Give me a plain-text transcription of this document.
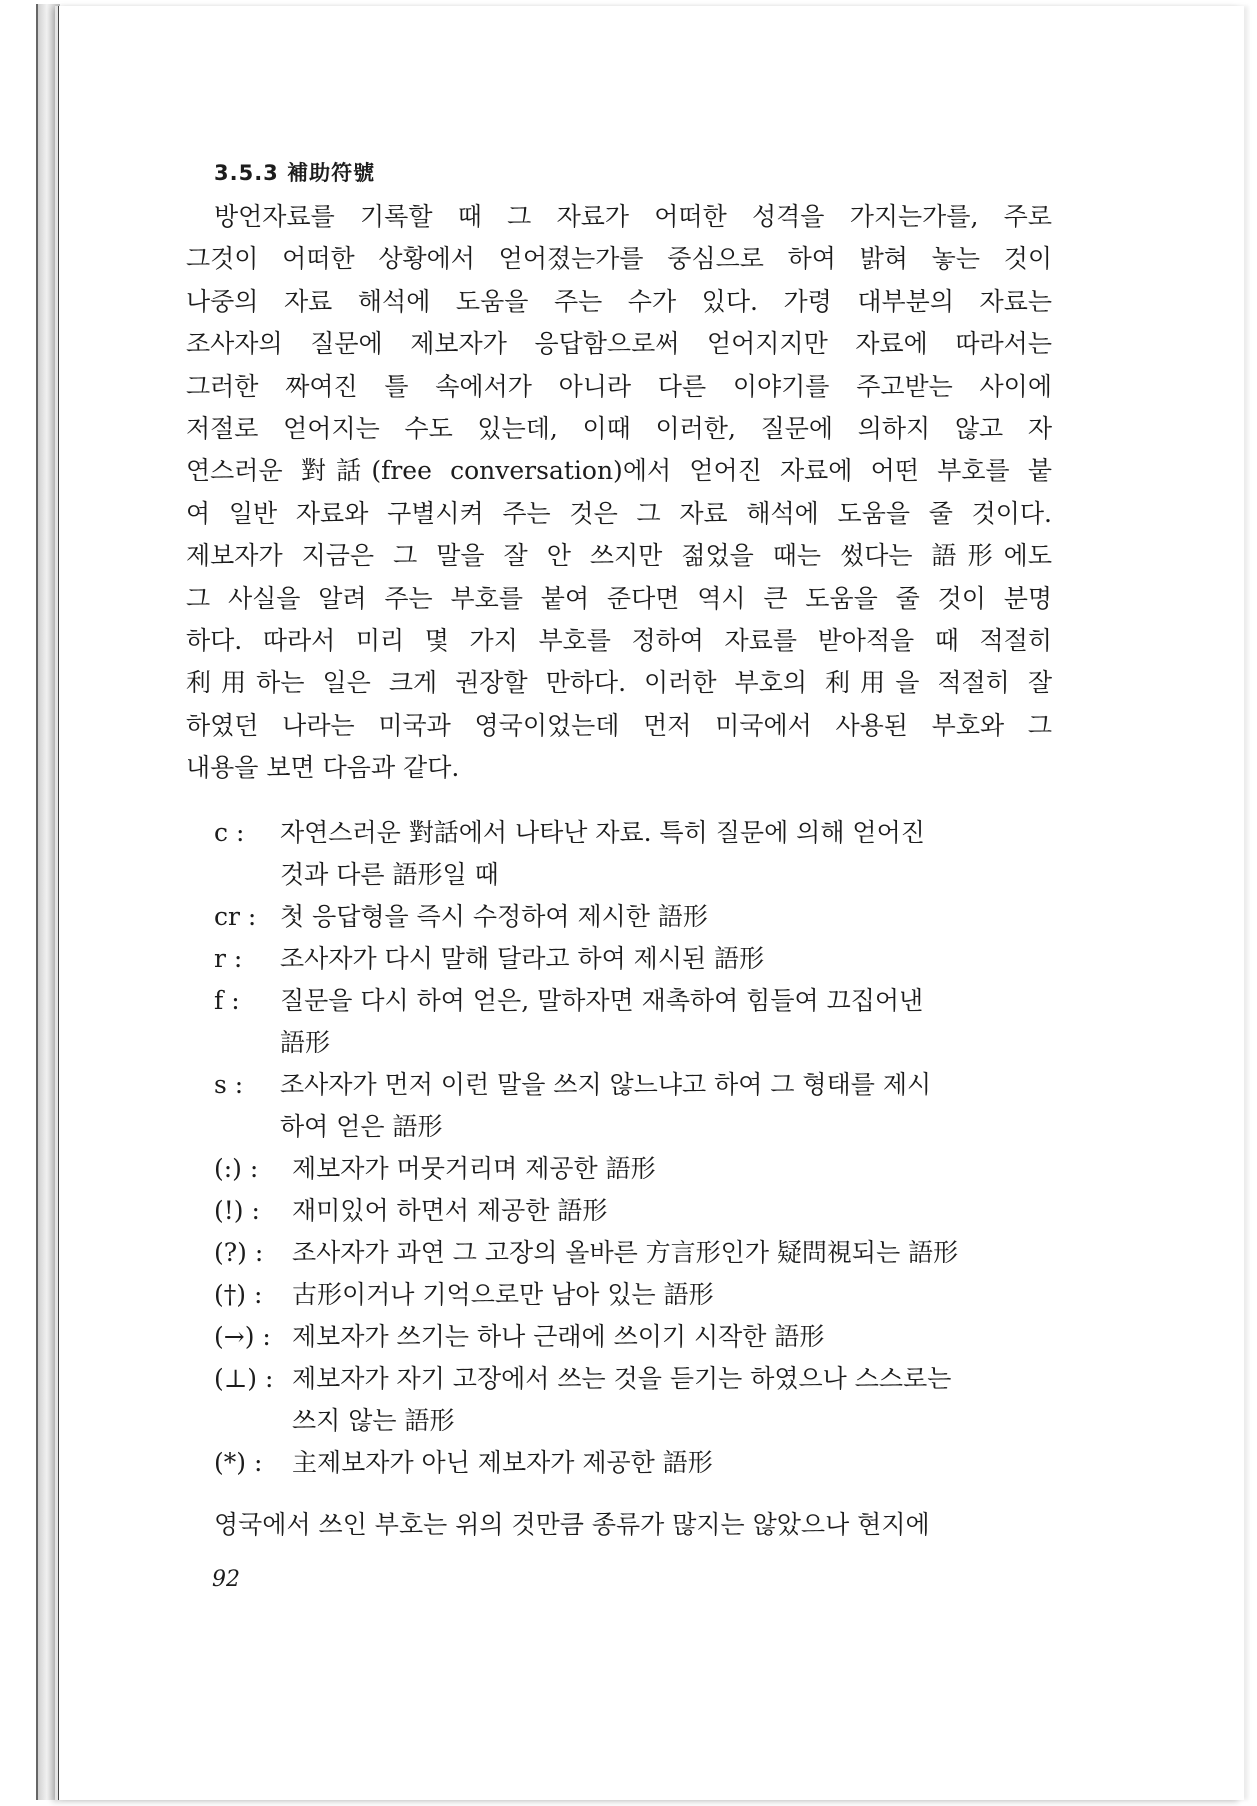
3.5.3 補助符號
방언자료를 기록할 때 그 자료가 어떠한 성격을 가지는가를, 주로
그것이 어떠한 상황에서 얻어졌는가를 중심으로 하여 밝혀 놓는 것이
나중의 자료 해석에 도움을 주는 수가 있다. 가령 대부분의 자료는
조사자의 질문에 제보자가 응답함으로써 얻어지지만 자료에 따라서는
그러한 짜여진 틀 속에서가 아니라 다른 이야기를 주고받는 사이에
저절로 얻어지는 수도 있는데, 이때 이러한, 질문에 의하지 않고 자
연스러운 對話(free conversation)에서 얻어진 자료에 어떤 부호를 붙
여 일반 자료와 구별시켜 주는 것은 그 자료 해석에 도움을 줄 것이다.
제보자가 지금은 그 말을 잘 안 쓰지만 젊었을 때는 썼다는 語形에도
그 사실을 알려 주는 부호를 붙여 준다면 역시 큰 도움을 줄 것이 분명
하다. 따라서 미리 몇 가지 부호를 정하여 자료를 받아적을 때 적절히
利用하는 일은 크게 권장할 만하다. 이러한 부호의 利用을 적절히 잘
하였던 나라는 미국과 영국이었는데 먼저 미국에서 사용된 부호와 그
내용을 보면 다음과 같다.
c :	자연스러운 對話에서 나타난 자료. 특히 질문에 의해 얻어진
것과 다른 語形일 때
cr : 첫 응답형을 즉시 수정하여 제시한 語形
r :	조사자가 다시 말해 달라고 하여 제시된 語形
f :	질문을 다시 하여 얻은, 말하자면 재촉하여 힘들여 끄집어낸
語形
s :	조사자가 먼저 이런 말을 쓰지 않느냐고 하여 그 형태를 제시
하여 얻은 語形
(:) :	제보자가 머뭇거리며 제공한 語形
(!) :	재미있어 하면서 제공한 語形
(?) :	조사자가 과연 그 고장의 올바른 方言形인가 疑問視되는 語形
(†) :	古形이거나 기억으로만 남아 있는 語形
(→) : 제보자가 쓰기는 하나 근래에 쓰이기 시작한 語形
(⊥) : 제보자가 자기 고장에서 쓰는 것을 듣기는 하였으나 스스로는
쓰지 않는 語形
(*) :	主제보자가 아닌 제보자가 제공한 語形
영국에서 쓰인 부호는 위의 것만큼 종류가 많지는 않았으나 현지에
92
